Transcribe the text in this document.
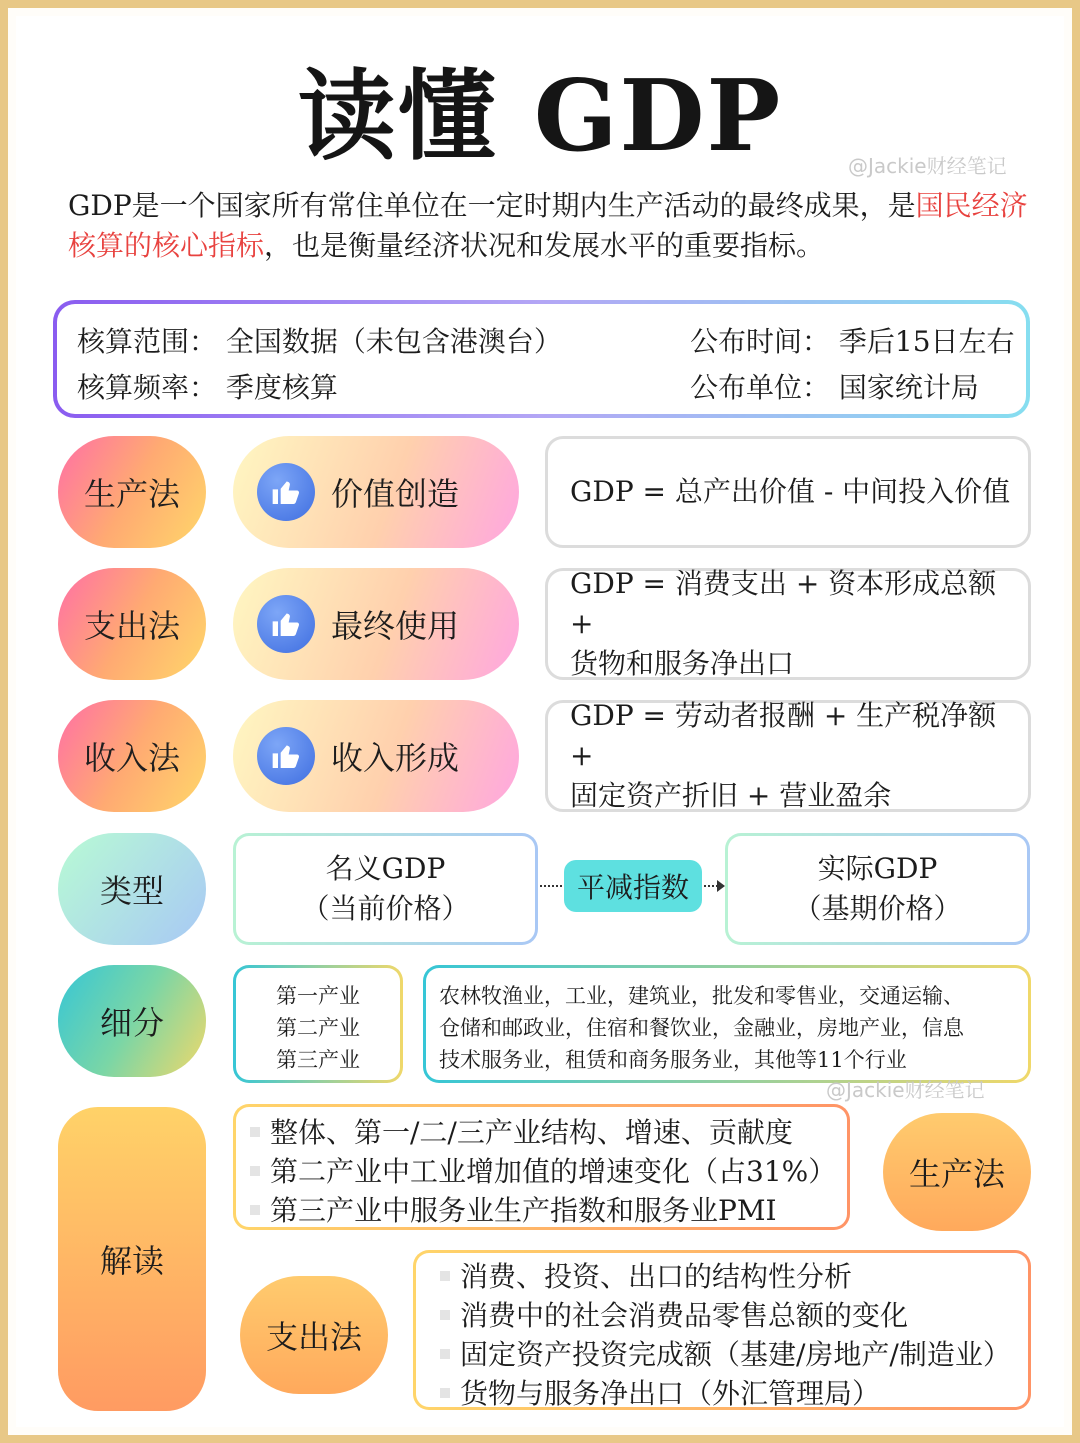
读懂 GDP	@Jackie财经笔记
GDP是一个国家所有常住单位在一定时期内生产活动的最终成果，是国民经济核算的核心指标，也是衡量经济状况和发展水平的重要指标。
核算范围： 全国数据（未包含港澳台）
核算频率： 季度核算
公布时间： 季后15日左右
公布单位： 国家统计局
生产法	价值创造	GDP = 总产出价值 - 中间投入价值
支出法	最终使用
GDP = 消费支出 + 资本形成总额 +
货物和服务净出口
收入法	收入形成
GDP = 劳动者报酬 + 生产税净额 +
固定资产折旧 + 营业盈余
类型
名义GDP
（当前价格）
平减指数
实际GDP
（基期价格）
细分
第一产业
第二产业
第三产业
农林牧渔业，工业，建筑业，批发和零售业，交通运输、
仓储和邮政业，住宿和餐饮业，金融业，房地产业，信息
技术服务业，租赁和商务服务业，其他等11个行业
@Jackie财经笔记
解读
整体、第一/二/三产业结构、增速、贡献度
第二产业中工业增加值的增速变化（占31%）
第三产业中服务业生产指数和服务业PMI
生产法
支出法
消费、投资、出口的结构性分析
消费中的社会消费品零售总额的变化
固定资产投资完成额（基建/房地产/制造业）
货物与服务净出口（外汇管理局）
